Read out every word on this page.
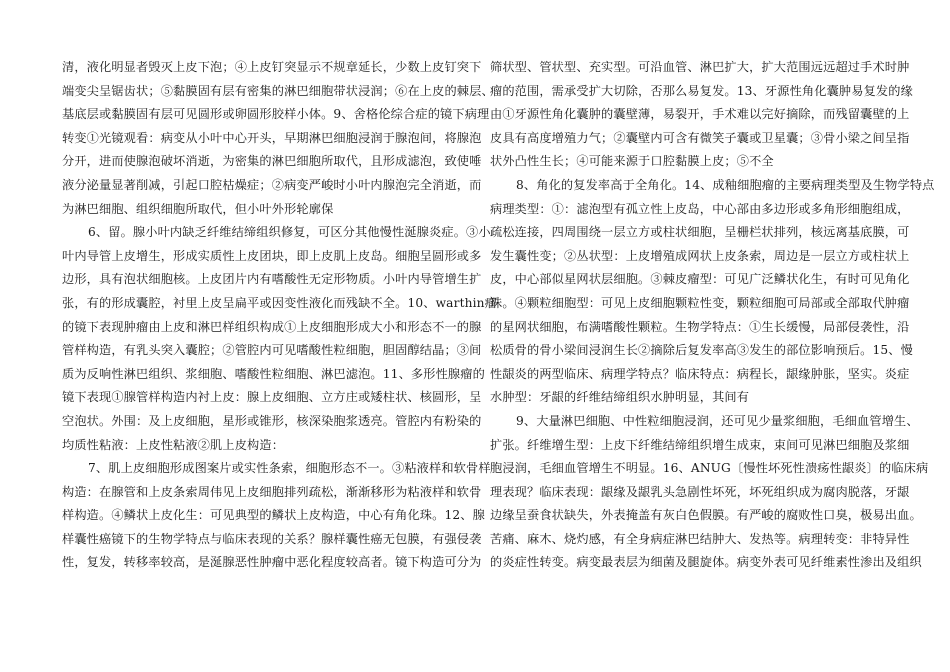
清，液化明显者毁灭上皮下泡；④上皮钉突显示不规章延长，少数上皮钉突下
端变尖呈锯齿状；⑤黏膜固有层有密集的淋巴细胞带状浸润；⑥在上皮的棘层、
基底层或黏膜固有层可见圆形或卵圆形胶样小体。9、舍格伦综合症的镜下病理
转变①光镜观看：病变从小叶中心开头，早期淋巴细胞浸润于腺泡间，将腺泡
分开，进而使腺泡破坏消逝，为密集的淋巴细胞所取代，且形成滤泡，致使唾
液分泌量显著削减，引起口腔枯燥症；②病变严峻时小叶内腺泡完全消逝，而
为淋巴细胞、组织细胞所取代，但小叶外形轮廓保
6、留。腺小叶内缺乏纤维结缔组织修复，可区分其他慢性涎腺炎症。③小
叶内导管上皮增生，形成实质性上皮团块，即上皮肌上皮岛。细胞呈圆形或多
边形，具有泡状细胞核。上皮团片内有嗜酸性无定形物质。小叶内导管增生扩
张，有的形成囊腔，衬里上皮呈扁平或因变性液化而残缺不全。10、warthin瘤
的镜下表现肿瘤由上皮和淋巴样组织构成①上皮细胞形成大小和形态不一的腺
管样构造，有乳头突入囊腔；②管腔内可见嗜酸性粒细胞，胆固醇结晶；③间
质为反响性淋巴组织、浆细胞、嗜酸性粒细胞、淋巴滤泡。11、多形性腺瘤的
镜下表现①腺管样构造内衬上皮：腺上皮细胞、立方庄或矮柱状、核圆形，呈
空泡状。外围：及上皮细胞，星形或锥形，核深染胞浆透亮。管腔内有粉染的
均质性粘液：上皮性粘液②肌上皮构造：
7、肌上皮细胞形成图案片或实性条索，细胞形态不一。③粘液样和软骨样
构造：在腺管和上皮条索周伟见上皮细胞排列疏松，渐渐移形为粘液样和软骨
样构造。④鳞状上皮化生：可见典型的鳞状上皮构造，中心有角化珠。12、腺
样囊性癌镜下的生物学特点与临床表现的关系？腺样囊性癌无包膜，有强侵袭
性，复发，转移率较高，是涎腺恶性肿瘤中恶化程度较高者。镜下构造可分为
筛状型、管状型、充实型。可沿血管、淋巴扩大，扩大范围远远超过手术时肿
瘤的范围，需承受扩大切除，否那么易复发。13、牙源性角化囊肿易复发的缘
由①牙源性角化囊肿的囊壁薄，易裂开，手术难以完好摘除，而残留囊壁的上
皮具有高度增殖力气；②囊壁内可含有微笑子囊或卫星囊；③骨小梁之间呈指
状外凸性生长；④可能来源于口腔黏膜上皮；⑤不全
8、角化的复发率高于全角化。14、成釉细胞瘤的主要病理类型及生物学特点
病理类型：①：滤泡型有孤立性上皮岛，中心部由多边形或多角形细胞组成，
疏松连接，四周围绕一层立方或柱状细胞，呈栅栏状排列，核远离基底膜，可
发生囊性变；②丛状型：上皮增殖成网状上皮条索，周边是一层立方或柱状上
皮，中心部似星网状层细胞。③棘皮瘤型：可见广泛鳞状化生，有时可见角化
珠。④颗粒细胞型：可见上皮细胞颗粒性变，颗粒细胞可局部或全部取代肿瘤
的星网状细胞，布满嗜酸性颗粒。生物学特点：①生长缓慢，局部侵袭性，沿
松质骨的骨小梁间浸润生长②摘除后复发率高③发生的部位影响预后。15、慢
性龈炎的两型临床、病理学特点？临床特点：病程长，龈缘肿胀，坚实。炎症
水肿型：牙龈的纤维结缔组织水肿明显，其间有
9、大量淋巴细胞、中性粒细胞浸润，还可见少量浆细胞，毛细血管增生、
扩张。纤维增生型：上皮下纤维结缔组织增生成束，束间可见淋巴细胞及浆细
胞浸润，毛细血管增生不明显。16、ANUG〔慢性坏死性溃疡性龈炎〕的临床病
理表现？临床表现：龈缘及龈乳头急剧性坏死，坏死组织成为腐肉脱落，牙龈
边缘呈蚕食状缺失，外表掩盖有灰白色假膜。有严峻的腐败性口臭，极易出血。
苦痛、麻木、烧灼感，有全身病症淋巴结肿大、发热等。病理转变：非特异性
的炎症性转变。病变最表层为细菌及腿旋体。病变外表可见纤维素性渗出及组织
